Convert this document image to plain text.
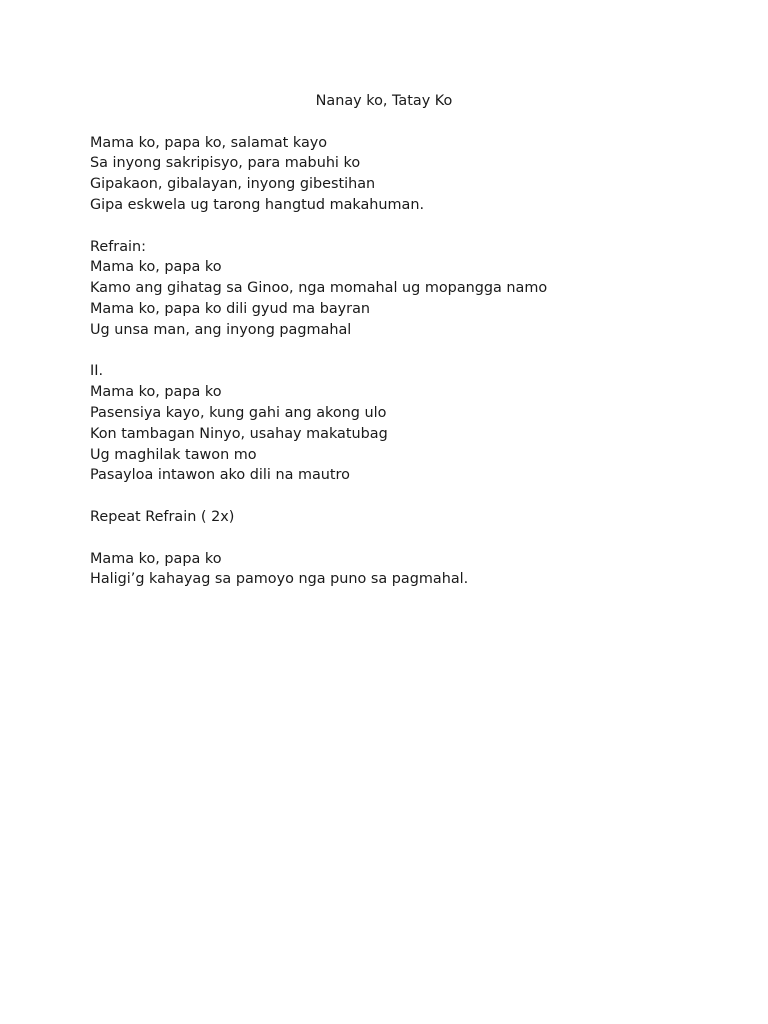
Nanay ko, Tatay Ko
Mama ko, papa ko, salamat kayo
Sa inyong sakripisyo, para mabuhi ko
Gipakaon, gibalayan, inyong gibestihan
Gipa eskwela ug tarong hangtud makahuman.
Refrain:
Mama ko, papa ko
Kamo ang gihatag sa Ginoo, nga momahal ug mopangga namo
Mama ko, papa ko dili gyud ma bayran
Ug unsa man, ang inyong pagmahal
II.
Mama ko, papa ko
Pasensiya kayo, kung gahi ang akong ulo
Kon tambagan Ninyo, usahay makatubag
Ug maghilak tawon mo
Pasayloa intawon ako dili na mautro
Repeat Refrain ( 2x)
Mama ko, papa ko
Haligi’g kahayag sa pamoyo nga puno sa pagmahal.
